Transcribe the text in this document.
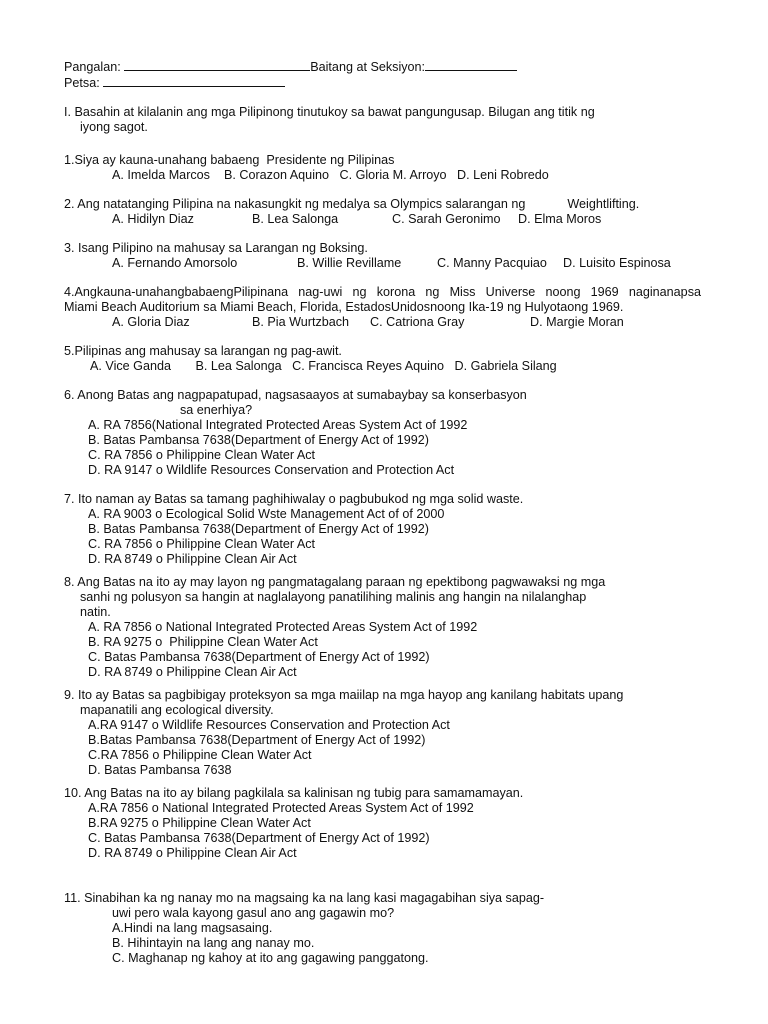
Pangalan:	Baitang at Seksiyon:
Petsa:
I. Basahin at kilalanin ang mga Pilipinong tinutukoy sa bawat pangungusap. Bilugan ang titik ng
iyong sagot.
1.Siya ay kauna-unahang babaeng  Presidente ng Pilipinas
A. Imelda Marcos    B. Corazon Aquino   C. Gloria M. Arroyo   D. Leni Robredo
2. Ang natatanging Pilipina na nakasungkit ng medalya sa Olympics salarangan ng	Weightlifting.
A. Hidilyn Diaz	B. Lea Salonga	C. Sarah Geronimo D. Elma Moros
3. Isang Pilipino na mahusay sa Larangan ng Boksing.
A. Fernando Amorsolo	B. Willie Revillame	C. Manny Pacquiao D. Luisito Espinosa
4.Angkauna-unahangbabaengPilipinana nag-uwi ng korona ng Miss Universe noong 1969 naginanapsa
Miami Beach Auditorium sa Miami Beach, Florida, EstadosUnidosnoong Ika-19 ng Hulyotaong 1969.
A. Gloria Diaz	B. Pia Wurtzbach C. Catriona Gray	D. Margie Moran
5.Pilipinas ang mahusay sa larangan ng pag-awit.
A. Vice Ganda       B. Lea Salonga   C. Francisca Reyes Aquino   D. Gabriela Silang
6. Anong Batas ang nagpapatupad, nagsasaayos at sumabaybay sa konserbasyon
sa enerhiya?
A. RA 7856(National Integrated Protected Areas System Act of 1992
B. Batas Pambansa 7638(Department of Energy Act of 1992)
C. RA 7856 o Philippine Clean Water Act
D. RA 9147 o Wildlife Resources Conservation and Protection Act
7. Ito naman ay Batas sa tamang paghihiwalay o pagbubukod ng mga solid waste.
A. RA 9003 o Ecological Solid Wste Management Act of of 2000
B. Batas Pambansa 7638(Department of Energy Act of 1992)
C. RA 7856 o Philippine Clean Water Act
D. RA 8749 o Philippine Clean Air Act
8. Ang Batas na ito ay may layon ng pangmatagalang paraan ng epektibong pagwawaksi ng mga
sanhi ng polusyon sa hangin at naglalayong panatilihing malinis ang hangin na nilalanghap
natin.
A. RA 7856 o National Integrated Protected Areas System Act of 1992
B. RA 9275 o  Philippine Clean Water Act
C. Batas Pambansa 7638(Department of Energy Act of 1992)
D. RA 8749 o Philippine Clean Air Act
9. Ito ay Batas sa pagbibigay proteksyon sa mga maiilap na mga hayop ang kanilang habitats upang
mapanatili ang ecological diversity.
A.RA 9147 o Wildlife Resources Conservation and Protection Act
B.Batas Pambansa 7638(Department of Energy Act of 1992)
C.RA 7856 o Philippine Clean Water Act
D. Batas Pambansa 7638
10. Ang Batas na ito ay bilang pagkilala sa kalinisan ng tubig para samamamayan.
A.RA 7856 o National Integrated Protected Areas System Act of 1992
B.RA 9275 o Philippine Clean Water Act
C. Batas Pambansa 7638(Department of Energy Act of 1992)
D. RA 8749 o Philippine Clean Air Act
11. Sinabihan ka ng nanay mo na magsaing ka na lang kasi magagabihan siya sapag-
uwi pero wala kayong gasul ano ang gagawin mo?
A.Hindi na lang magsasaing.
B. Hihintayin na lang ang nanay mo.
C. Maghanap ng kahoy at ito ang gagawing panggatong.
